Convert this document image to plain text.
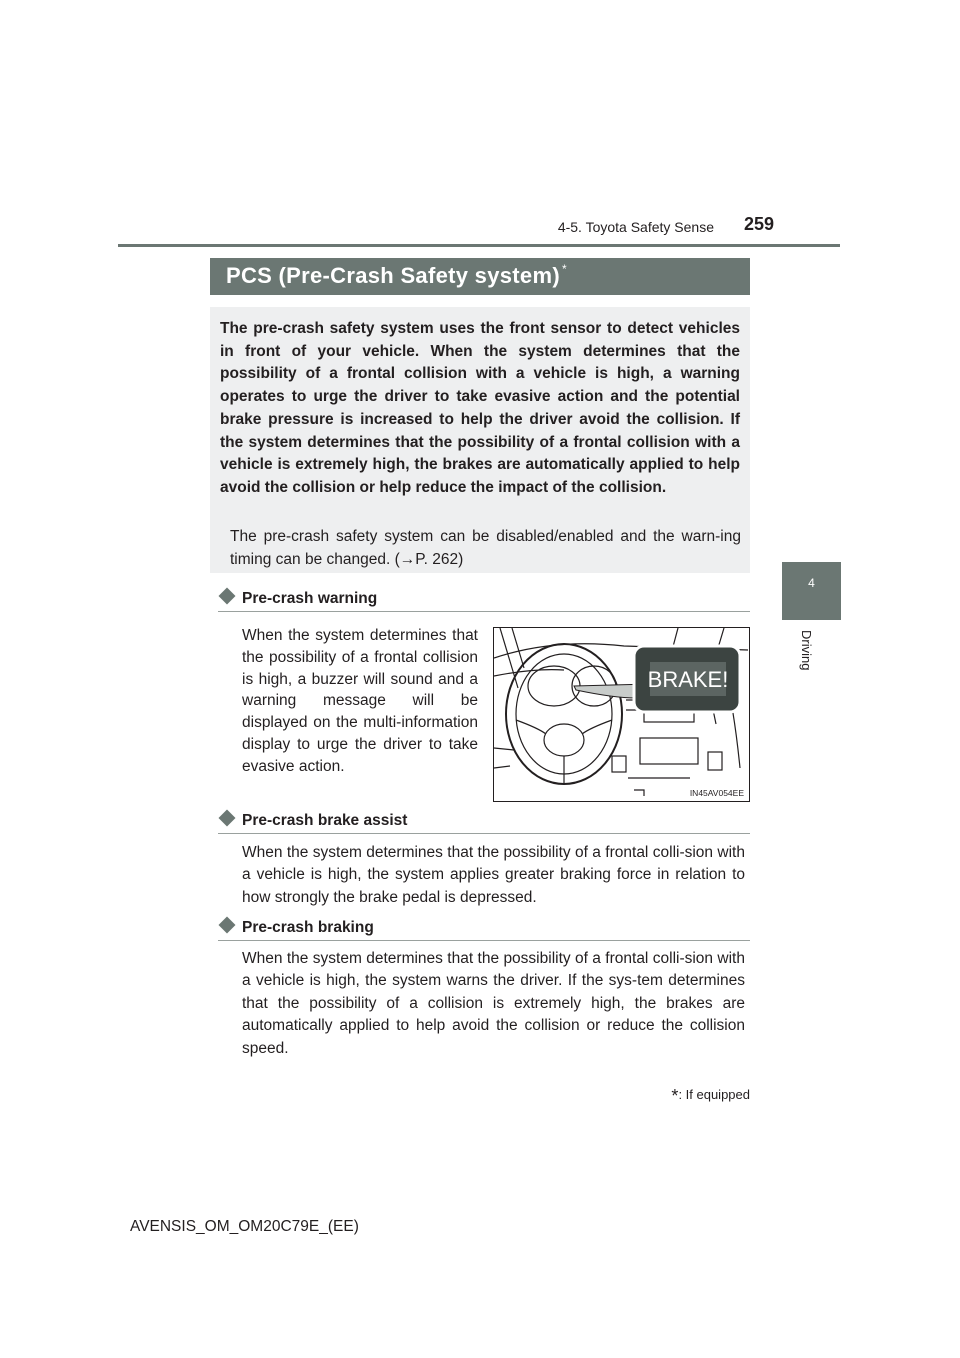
4-5. Toyota Safety Sense	259
4
Driving
PCS (Pre-Crash Safety system) *

The pre-crash safety system uses the front sensor to detect vehicles in front of your vehicle. When the system determines that the possibility of a frontal collision with a vehicle is high, a warning operates to urge the driver to take evasive action and the potential brake pressure is increased to help the driver avoid the collision. If the system determines that the possibility of a frontal collision with a vehicle is extremely high, the brakes are automatically applied to help avoid the collision or help reduce the impact of the collision.

The pre-crash safety system can be disabled/enabled and the warn-ing timing can be changed. (→P. 262)

Pre-crash warning

When the system determines that the possibility of a frontal collision is high, a buzzer will sound and a warning message will be displayed on the multi-information display to urge the driver to take evasive action.

BRAKE!
IN45AV054EE
Pre-crash brake assist

When the system determines that the possibility of a frontal colli-sion with a vehicle is high, the system applies greater braking force in relation to how strongly the brake pedal is depressed.

Pre-crash braking

When the system determines that the possibility of a frontal colli-sion with a vehicle is high, the system warns the driver. If the sys-tem determines that the possibility of a collision is extremely high, the brakes are automatically applied to help avoid the collision or reduce the collision speed.

*: If equipped
AVENSIS_OM_OM20C79E_(EE)
